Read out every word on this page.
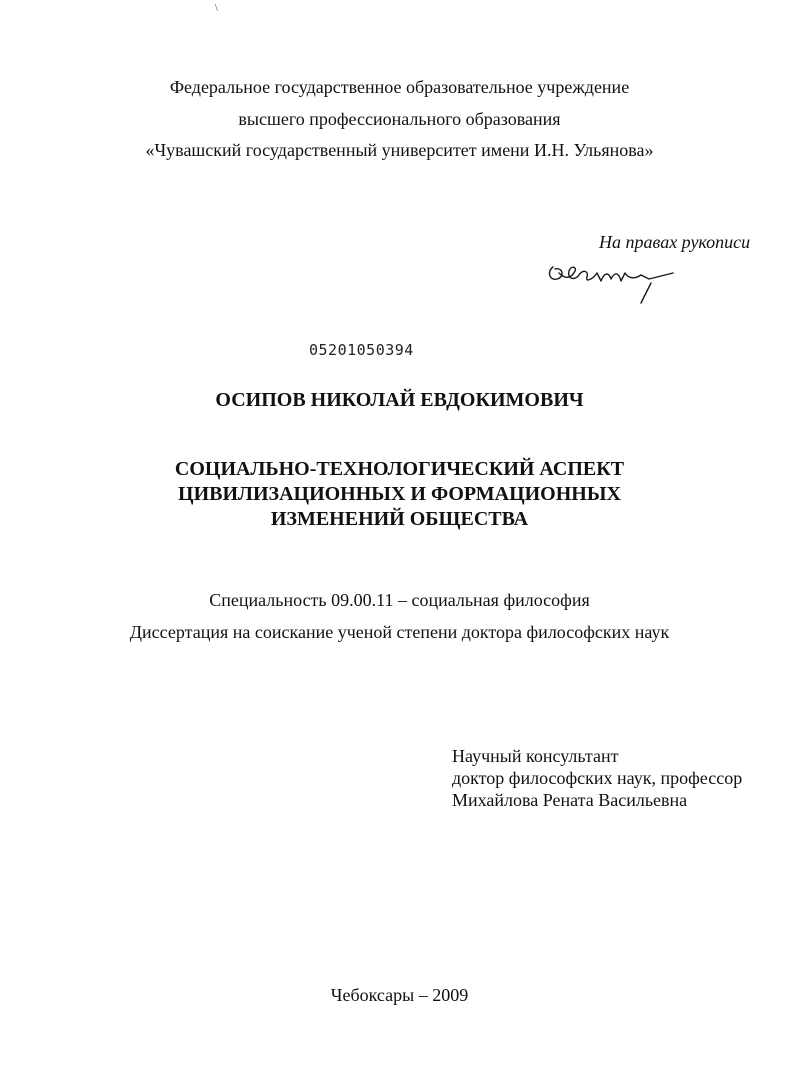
\
Федеральное государственное образовательное учреждение
высшего профессионального образования
«Чувашский государственный университет имени И.Н. Ульянова»
На правах рукописи
05201050394
ОСИПОВ НИКОЛАЙ ЕВДОКИМОВИЧ
СОЦИАЛЬНО-ТЕХНОЛОГИЧЕСКИЙ АСПЕКТ
ЦИВИЛИЗАЦИОННЫХ И ФОРМАЦИОННЫХ
ИЗМЕНЕНИЙ ОБЩЕСТВА
Специальность 09.00.11 – социальная философия
Диссертация на соискание ученой степени доктора философских наук
Научный консультант
доктор философских наук, профессор
Михайлова Рената Васильевна
Чебоксары – 2009
